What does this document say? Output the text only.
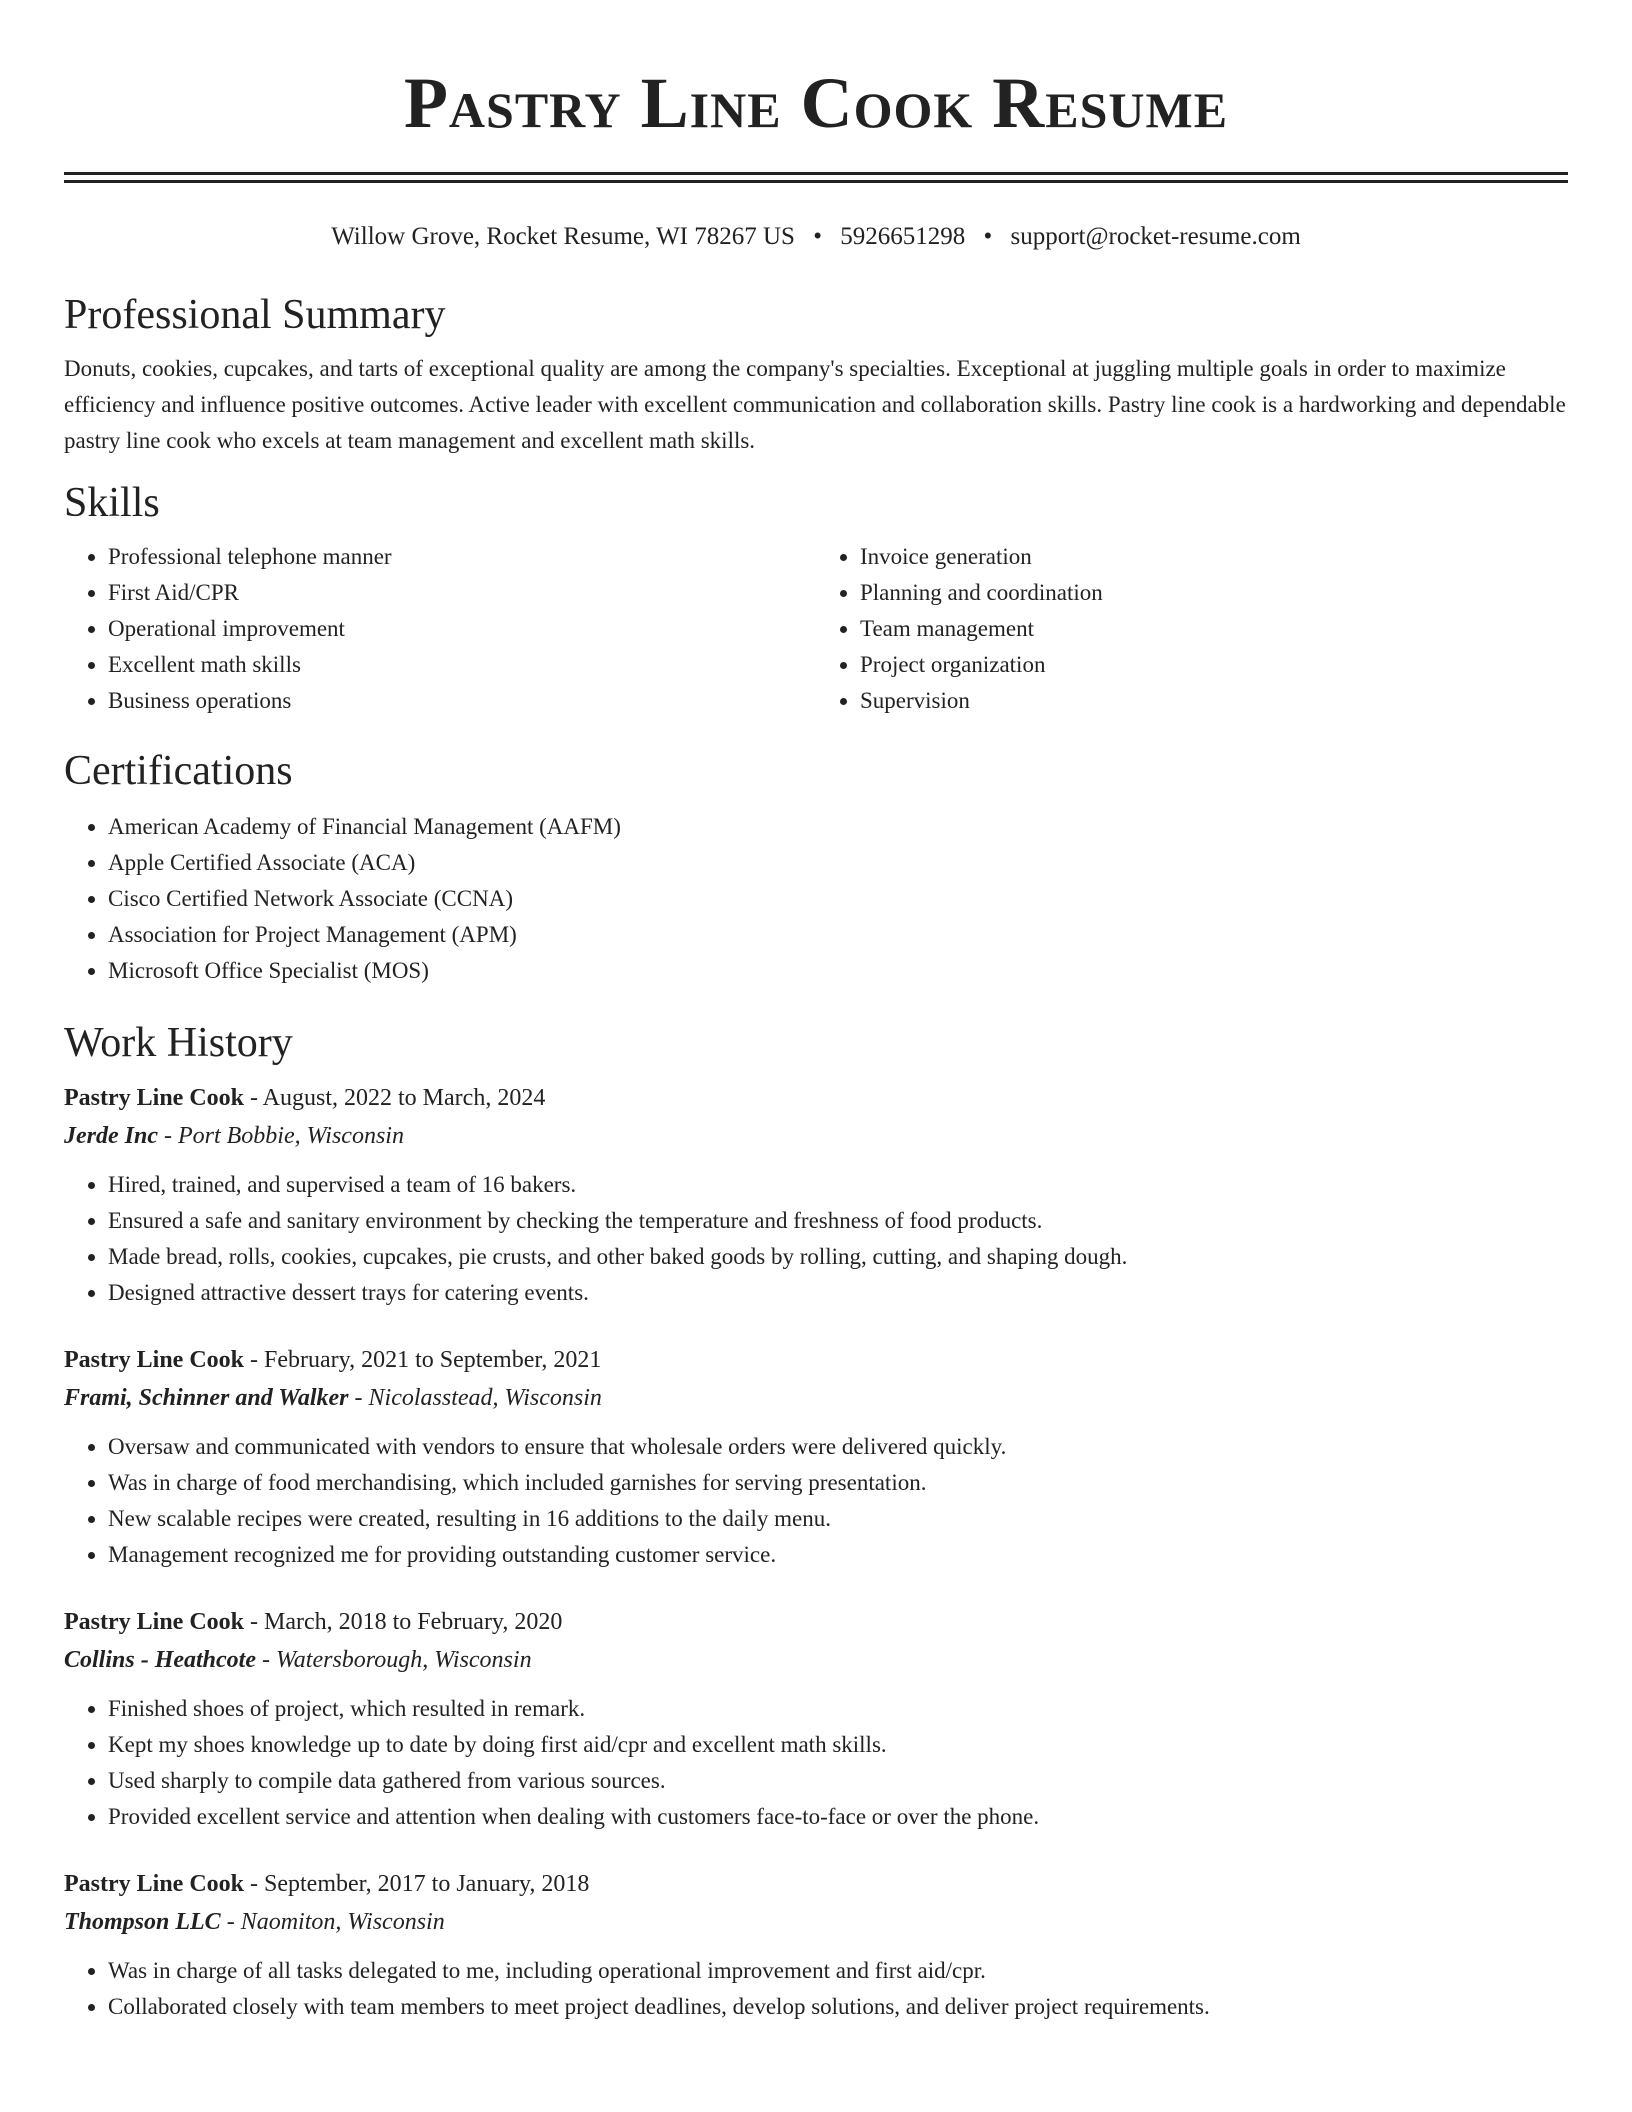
Pastry Line Cook Resume
Willow Grove, Rocket Resume, WI 78267 US • 5926651298 • support@rocket-resume.com
Professional Summary

Donuts, cookies, cupcakes, and tarts of exceptional quality are among the company's specialties. Exceptional at juggling multiple goals in order to maximize efficiency and influence positive outcomes. Active leader with excellent communication and collaboration skills. Pastry line cook is a hardworking and dependable pastry line cook who excels at team management and excellent math skills.

Skills
• Professional telephone manner
• First Aid/CPR
• Operational improvement
• Excellent math skills
• Business operations
• Invoice generation
• Planning and coordination
• Team management
• Project organization
• Supervision
Certifications
• American Academy of Financial Management (AAFM)
• Apple Certified Associate (ACA)
• Cisco Certified Network Associate (CCNA)
• Association for Project Management (APM)
• Microsoft Office Specialist (MOS)
Work History

Pastry Line Cook - August, 2022 to March, 2024

Jerde Inc - Port Bobbie, Wisconsin

• Hired, trained, and supervised a team of 16 bakers.
• Ensured a safe and sanitary environment by checking the temperature and freshness of food products.
• Made bread, rolls, cookies, cupcakes, pie crusts, and other baked goods by rolling, cutting, and shaping dough.
• Designed attractive dessert trays for catering events.

Pastry Line Cook - February, 2021 to September, 2021

Frami, Schinner and Walker - Nicolasstead, Wisconsin

• Oversaw and communicated with vendors to ensure that wholesale orders were delivered quickly.
• Was in charge of food merchandising, which included garnishes for serving presentation.
• New scalable recipes were created, resulting in 16 additions to the daily menu.
• Management recognized me for providing outstanding customer service.

Pastry Line Cook - March, 2018 to February, 2020

Collins - Heathcote - Watersborough, Wisconsin

• Finished shoes of project, which resulted in remark.
• Kept my shoes knowledge up to date by doing first aid/cpr and excellent math skills.
• Used sharply to compile data gathered from various sources.
• Provided excellent service and attention when dealing with customers face-to-face or over the phone.

Pastry Line Cook - September, 2017 to January, 2018

Thompson LLC - Naomiton, Wisconsin

• Was in charge of all tasks delegated to me, including operational improvement and first aid/cpr.
• Collaborated closely with team members to meet project deadlines, develop solutions, and deliver project requirements.
